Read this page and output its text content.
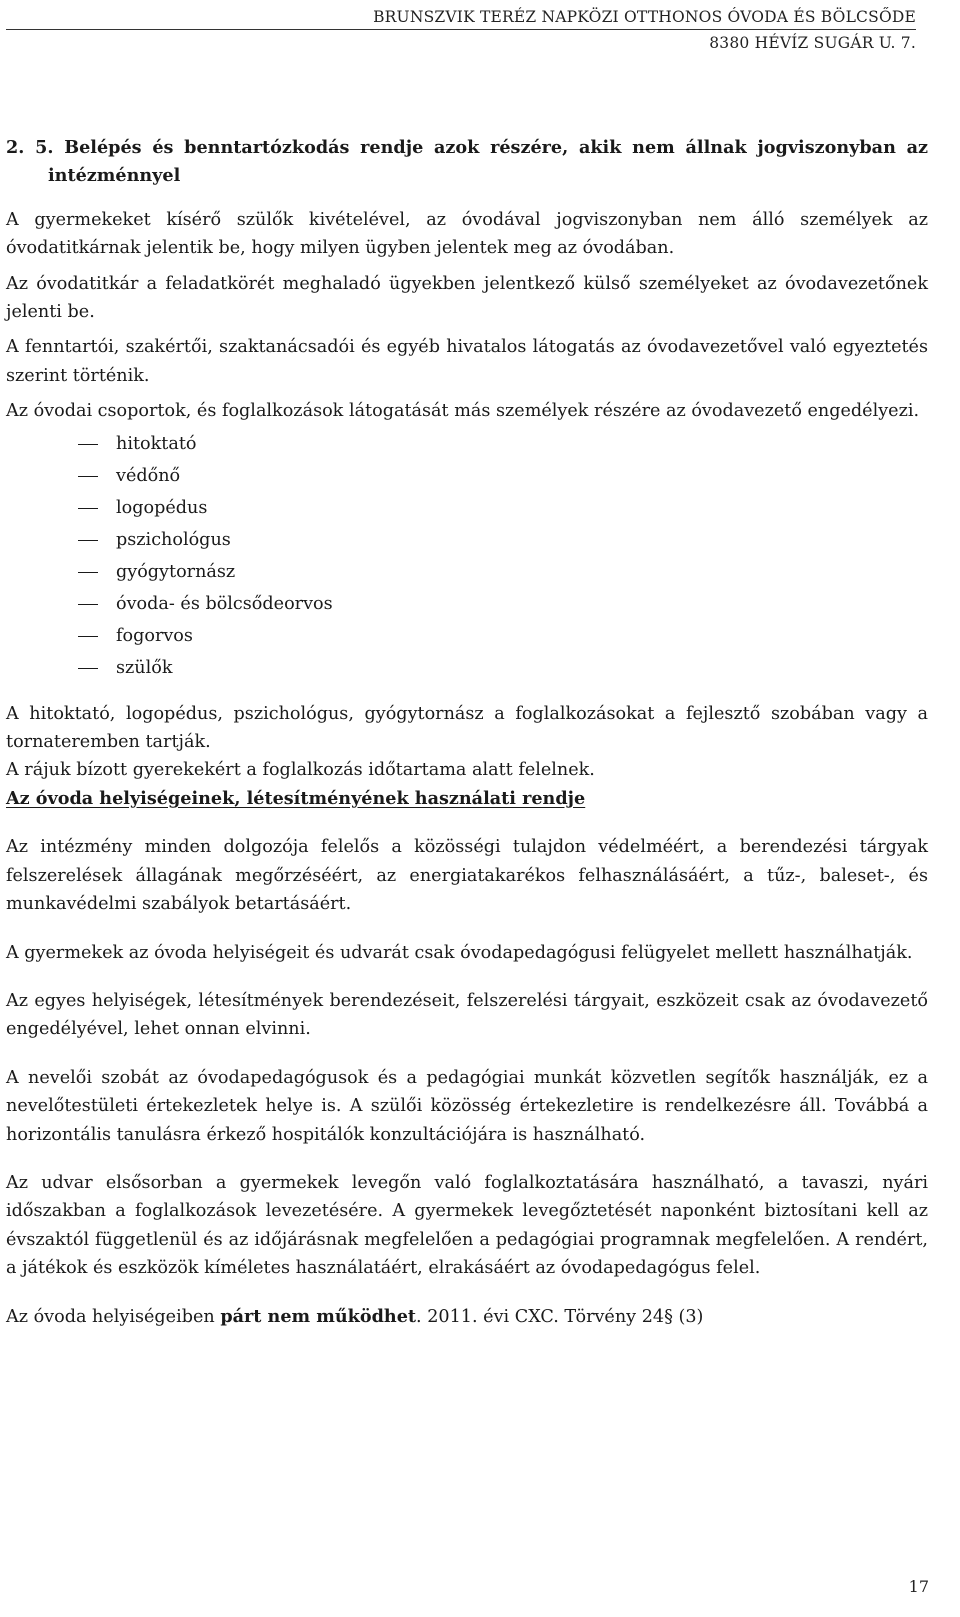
BRUNSZVIK TERÉZ NAPKÖZI OTTHONOS ÓVODA ÉS BÖLCSŐDE
8380 HÉVÍZ SUGÁR U. 7.

2. 5. Belépés és benntartózkodás rendje azok részére, akik nem állnak jogviszonyban az intézménnyel

A gyermekeket kísérő szülők kivételével, az óvodával jogviszonyban nem álló személyek az óvodatitkárnak jelentik be, hogy milyen ügyben jelentek meg az óvodában.

Az óvodatitkár a feladatkörét meghaladó ügyekben jelentkező külső személyeket az óvodavezetőnek jelenti be.

A fenntartói, szakértői, szaktanácsadói és egyéb hivatalos látogatás az óvodavezetővel való egyeztetés szerint történik.

Az óvodai csoportok, és foglalkozások látogatását más személyek részére az óvodavezető engedélyezi.

hitoktató
védőnő
logopédus
pszichológus
gyógytornász
óvoda- és bölcsődeorvos
fogorvos
szülők

A hitoktató, logopédus, pszichológus, gyógytornász a foglalkozásokat a fejlesztő szobában vagy a tornateremben tartják.

A rájuk bízott gyerekekért a foglalkozás időtartama alatt felelnek.

Az óvoda helyiségeinek, létesítményének használati rendje

Az intézmény minden dolgozója felelős a közösségi tulajdon védelméért, a berendezési tárgyak felszerelések állagának megőrzéséért, az energiatakarékos felhasználásáért, a tűz-, baleset-, és munkavédelmi szabályok betartásáért.

A gyermekek az óvoda helyiségeit és udvarát csak óvodapedagógusi felügyelet mellett használhatják.

Az egyes helyiségek, létesítmények berendezéseit, felszerelési tárgyait, eszközeit csak az óvodavezető engedélyével, lehet onnan elvinni.

A nevelői szobát az óvodapedagógusok és a pedagógiai munkát közvetlen segítők használják, ez a nevelőtestületi értekezletek helye is. A szülői közösség értekezletire is rendelkezésre áll. Továbbá a horizontális tanulásra érkező hospitálók konzultációjára is használható.

Az udvar elsősorban a gyermekek levegőn való foglalkoztatására használható, a tavaszi, nyári időszakban a foglalkozások levezetésére. A gyermekek levegőztetését naponként biztosítani kell az évszaktól függetlenül és az időjárásnak megfelelően a pedagógiai programnak megfelelően. A rendért, a játékok és eszközök kíméletes használatáért, elrakásáért az óvodapedagógus felel.

Az óvoda helyiségeiben párt nem működhet. 2011. évi CXC. Törvény 24§ (3)

17
